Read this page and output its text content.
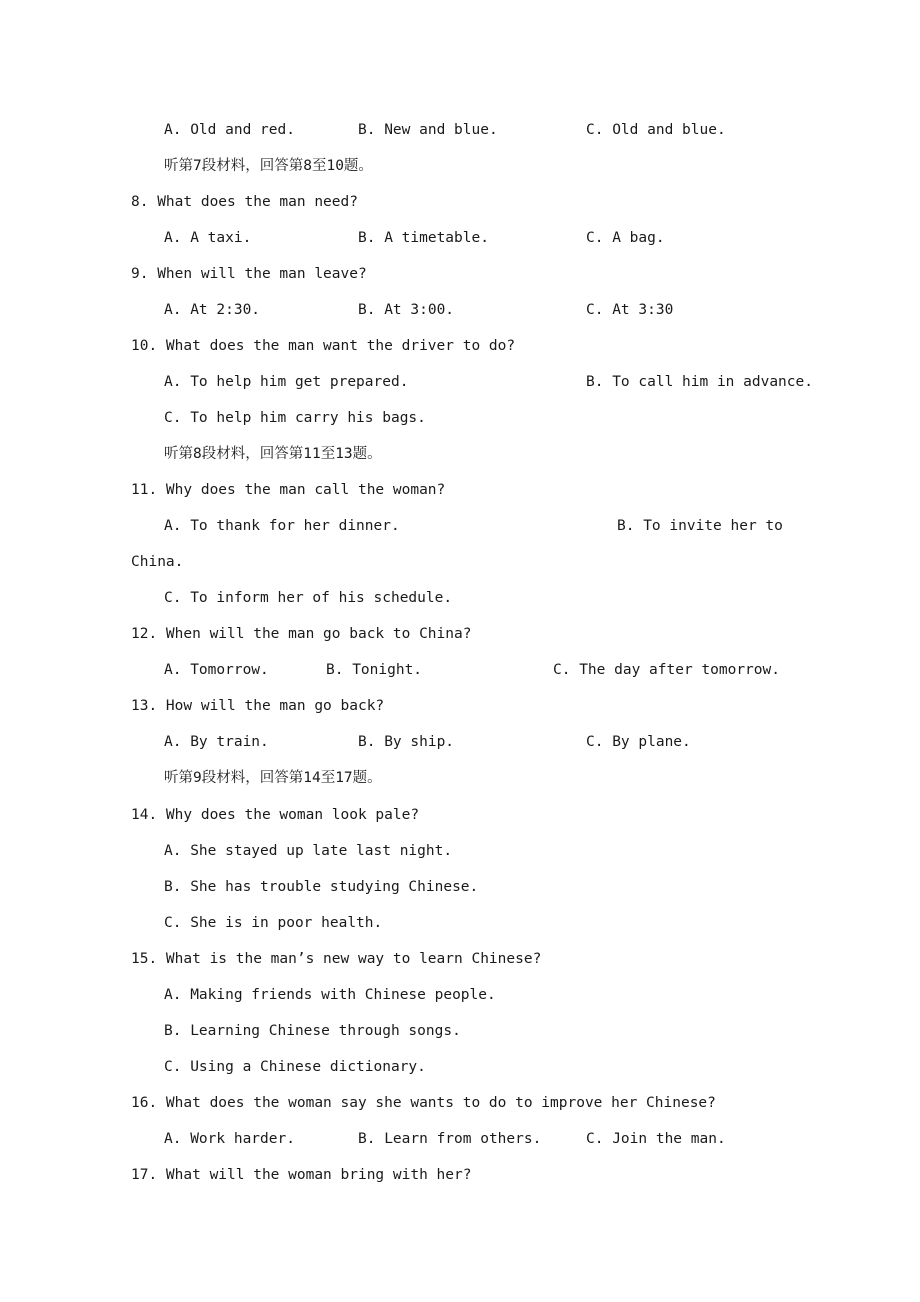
A. Old and red.	B. New and blue.	C. Old and blue.
听第7段材料，回答第8至10题。
8. What does the man need?
A. A taxi.	B. A timetable.	C. A bag.
9. When will the man leave?
A. At 2:30.	B. At 3:00.	C. At 3:30
10. What does the man want the driver to do?
A. To help him get prepared.	B. To call him in advance.
C. To help him carry his bags.
听第8段材料，回答第11至13题。
11. Why does the man call the woman?
A. To thank for her dinner.	B. To invite her to
China.
C. To inform her of his schedule.
12. When will the man go back to China?
A. Tomorrow.	B. Tonight.	C. The day after tomorrow.
13. How will the man go back?
A. By train.	B. By ship.	C. By plane.
听第9段材料，回答第14至17题。
14. Why does the woman look pale?
A. She stayed up late last night.
B. She has trouble studying Chinese.
C. She is in poor health.
15. What is the man’s new way to learn Chinese?
A. Making friends with Chinese people.
B. Learning Chinese through songs.
C. Using a Chinese dictionary.
16. What does the woman say she wants to do to improve her Chinese?
A. Work harder.	B. Learn from others.	C. Join the man.
17. What will the woman bring with her?
